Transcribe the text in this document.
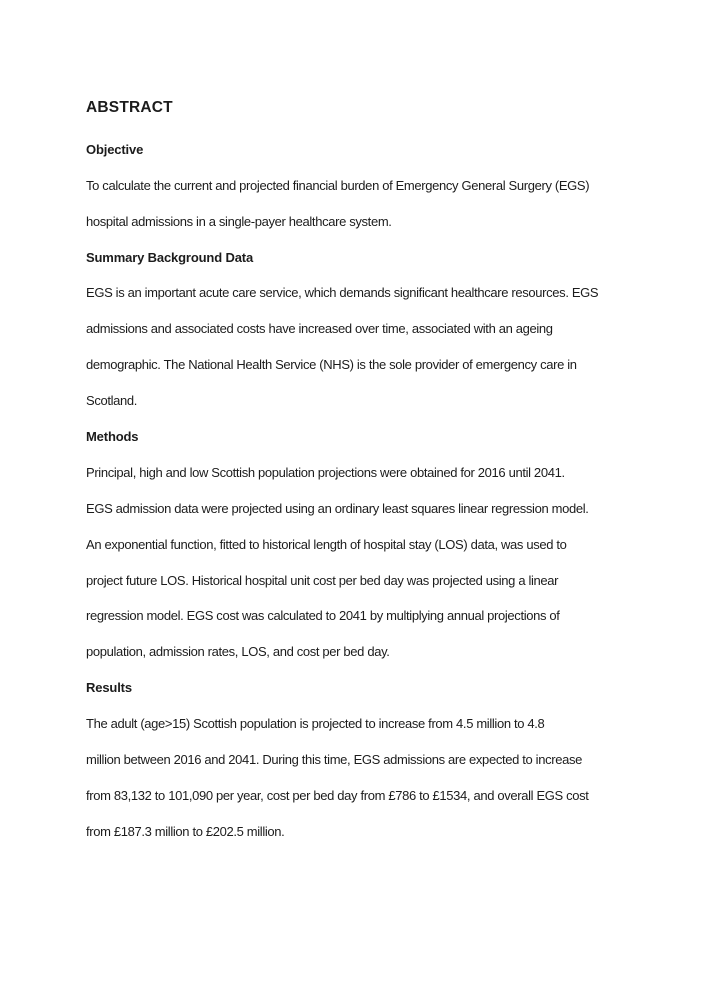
ABSTRACT
Objective
To calculate the current and projected financial burden of Emergency General Surgery (EGS)
hospital admissions in a single-payer healthcare system.
Summary Background Data
EGS is an important acute care service, which demands significant healthcare resources. EGS
admissions and associated costs have increased over time, associated with an ageing
demographic. The National Health Service (NHS) is the sole provider of emergency care in
Scotland.
Methods
Principal, high and low Scottish population projections were obtained for 2016 until 2041.
EGS admission data were projected using an ordinary least squares linear regression model.
An exponential function, fitted to historical length of hospital stay (LOS) data, was used to
project future LOS. Historical hospital unit cost per bed day was projected using a linear
regression model. EGS cost was calculated to 2041 by multiplying annual projections of
population, admission rates, LOS, and cost per bed day.
Results
The adult (age>15) Scottish population is projected to increase from 4.5 million to 4.8
million between 2016 and 2041. During this time, EGS admissions are expected to increase
from 83,132 to 101,090 per year, cost per bed day from £786 to £1534, and overall EGS cost
from £187.3 million to £202.5 million.
